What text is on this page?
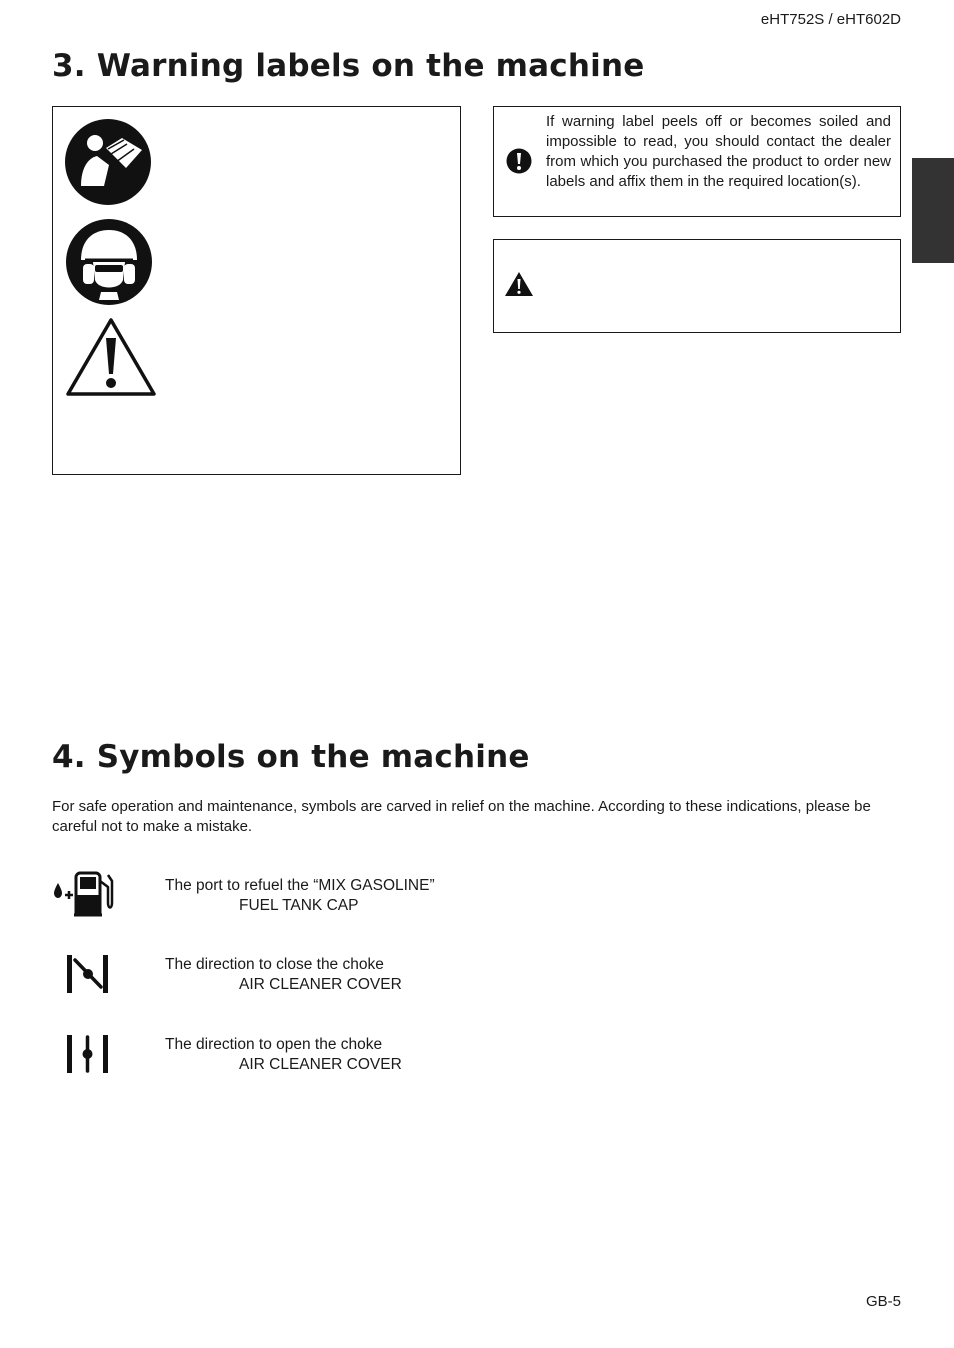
eHT752S / eHT602D
3. Warning labels on the machine
If warning label peels off or becomes soiled and impossible to read, you should contact the dealer from which you purchased the product to order new labels and affix them in the required location(s).
4. Symbols on the machine
For safe operation and maintenance, symbols are carved in relief on the machine. According to these indications, please be careful not to make a mistake.
The port to refuel the “MIX GASOLINE”
FUEL TANK CAP
The direction to close the choke
AIR CLEANER COVER
The direction to open the choke
AIR CLEANER COVER
GB-5
